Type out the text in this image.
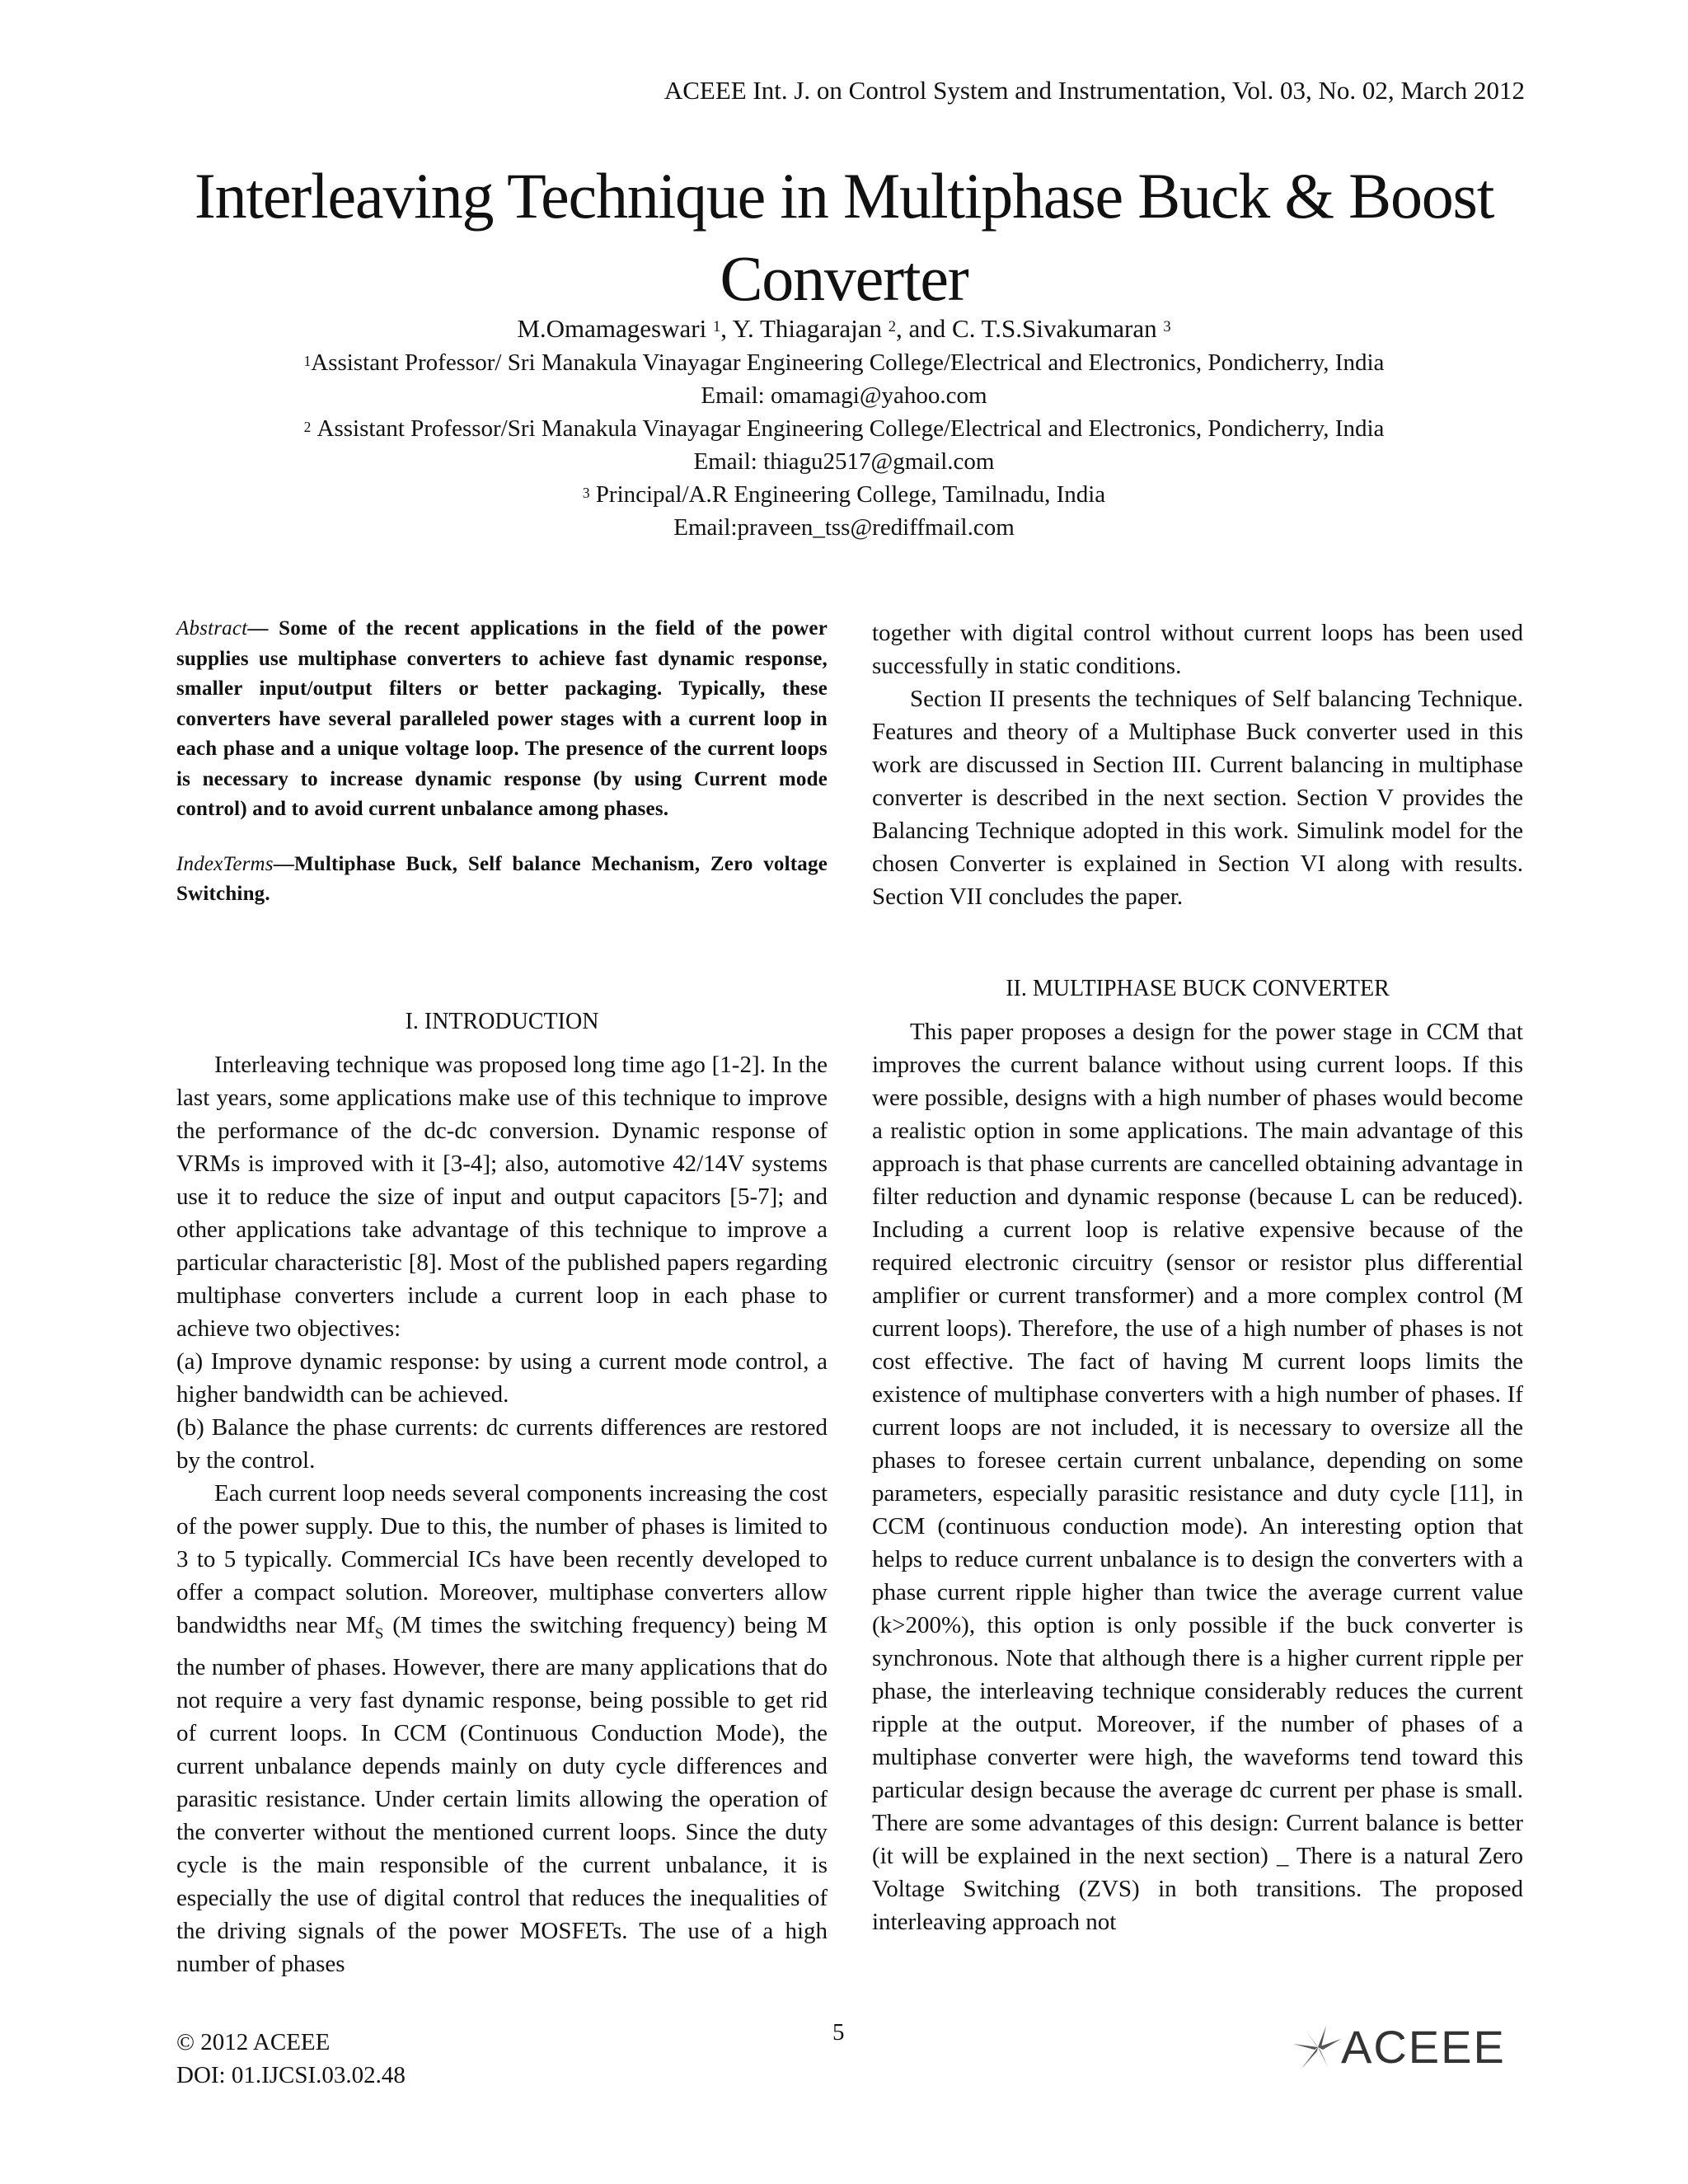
ACEEE Int. J. on Control System and Instrumentation, Vol. 03, No. 02, March 2012
Interleaving Technique in Multiphase Buck & Boost Converter
M.Omamageswari $^1$, Y. Thiagarajan $^2$, and C. T.S.Sivakumaran $^3$
$^1$Assistant Professor/ Sri Manakula Vinayagar Engineering College/Electrical and Electronics, Pondicherry, India
Email: omamagi@yahoo.com
$^2$ Assistant Professor/Sri Manakula Vinayagar Engineering College/Electrical and Electronics, Pondicherry, India
Email: thiagu2517@gmail.com
$^3$ Principal/A.R Engineering College, Tamilnadu, India
Email:praveen_tss@rediffmail.com

Abstract— Some of the recent applications in the field of the power supplies use multiphase converters to achieve fast dynamic response, smaller input/output filters or better packaging. Typically, these converters have several paralleled power stages with a current loop in each phase and a unique voltage loop. The presence of the current loops is necessary to increase dynamic response (by using Current mode control) and to avoid current unbalance among phases.

IndexTerms—Multiphase Buck, Self balance Mechanism, Zero voltage Switching.

I. INTRODUCTION

Interleaving technique was proposed long time ago [1-2]. In the last years, some applications make use of this technique to improve the performance of the dc-dc conversion. Dynamic response of VRMs is improved with it [3-4]; also, automotive 42/14V systems use it to reduce the size of input and output capacitors [5-7]; and other applications take advantage of this technique to improve a particular characteristic [8]. Most of the published papers regarding multiphase converters include a current loop in each phase to achieve two objectives:

(a) Improve dynamic response: by using a current mode control, a higher bandwidth can be achieved.

(b) Balance the phase currents: dc currents differences are restored by the control.

Each current loop needs several components increasing the cost of the power supply. Due to this, the number of phases is limited to 3 to 5 typically. Commercial ICs have been recently developed to offer a compact solution. Moreover, multiphase converters allow bandwidths near $Mf_S$ (M times the switching frequency) being M the number of phases. However, there are many applications that do not require a very fast dynamic response, being possible to get rid of current loops. In CCM (Continuous Conduction Mode), the current unbalance depends mainly on duty cycle differences and parasitic resistance. Under certain limits allowing the operation of the converter without the mentioned current loops. Since the duty cycle is the main responsible of the current unbalance, it is especially the use of digital control that reduces the inequalities of the driving signals of the power MOSFETs. The use of a high number of phases

together with digital control without current loops has been used successfully in static conditions.

Section II presents the techniques of Self balancing Technique. Features and theory of a Multiphase Buck converter used in this work are discussed in Section III. Current balancing in multiphase converter is described in the next section. Section V provides the Balancing Technique adopted in this work. Simulink model for the chosen Converter is explained in Section VI along with results. Section VII concludes the paper.

II. MULTIPHASE BUCK CONVERTER

This paper proposes a design for the power stage in CCM that improves the current balance without using current loops. If this were possible, designs with a high number of phases would become a realistic option in some applications. The main advantage of this approach is that phase currents are cancelled obtaining advantage in filter reduction and dynamic response (because L can be reduced). Including a current loop is relative expensive because of the required electronic circuitry (sensor or resistor plus differential amplifier or current transformer) and a more complex control (M current loops). Therefore, the use of a high number of phases is not cost effective. The fact of having M current loops limits the existence of multiphase converters with a high number of phases. If current loops are not included, it is necessary to oversize all the phases to foresee certain current unbalance, depending on some parameters, especially parasitic resistance and duty cycle [11], in CCM (continuous conduction mode). An interesting option that helps to reduce current unbalance is to design the converters with a phase current ripple higher than twice the average current value (k>200%), this option is only possible if the buck converter is synchronous. Note that although there is a higher current ripple per phase, the interleaving technique considerably reduces the current ripple at the output. Moreover, if the number of phases of a multiphase converter were high, the waveforms tend toward this particular design because the average dc current per phase is small. There are some advantages of this design: Current balance is better (it will be explained in the next section) _ There is a natural Zero Voltage Switching (ZVS) in both transitions. The proposed interleaving approach not

© 2012 ACEEE
DOI: 01.IJCSI.03.02.48
5	ACEEE
